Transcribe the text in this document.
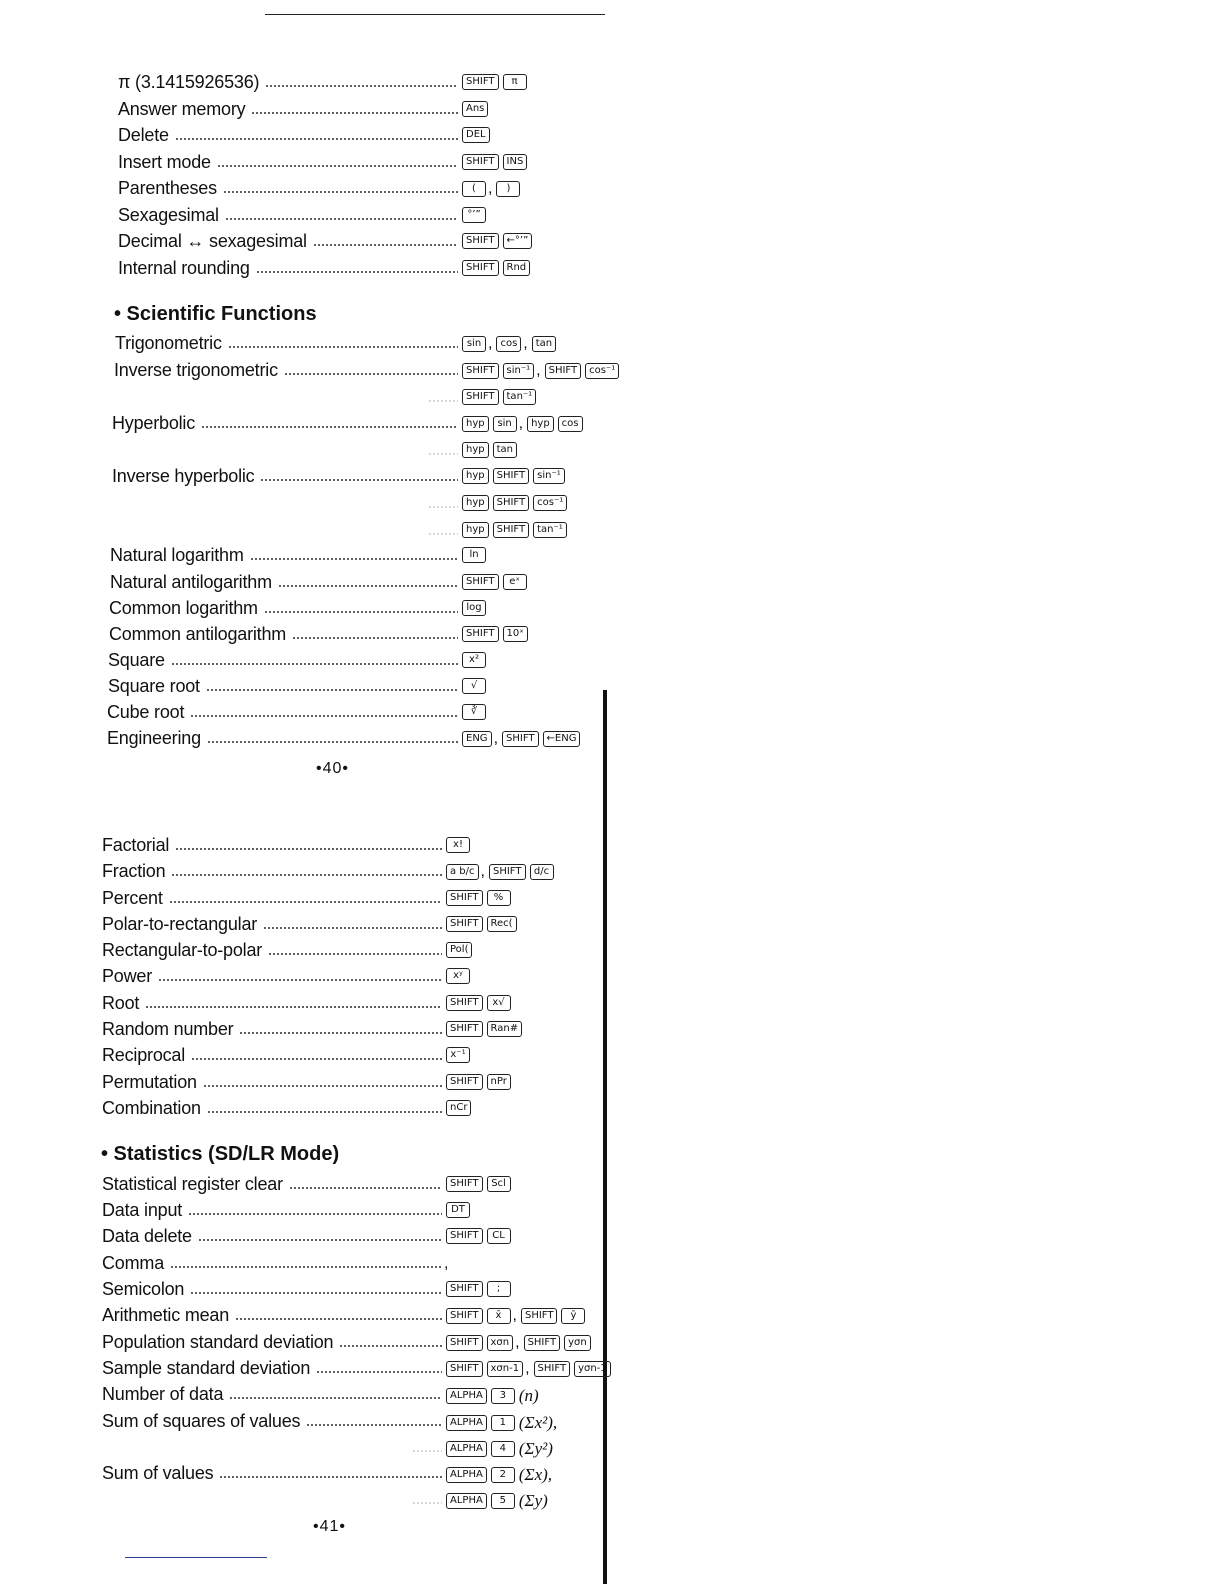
π (3.1415926536)	SHIFT	π
Answer memory	Ans
Delete	DEL
Insert mode	SHIFT	INS
Parentheses	( ,	)
Sexagesimal	°’”
Decimal ↔ sexagesimal	SHIFT	←°’”
Internal rounding	SHIFT	Rnd
• Scientific Functions
Trigonometric	sin , cos , tan
Inverse trigonometric	SHIFT	sin⁻¹ , SHIFT	cos⁻¹
SHIFT	tan⁻¹
Hyperbolic	hyp	sin , hyp	cos
hyp	tan
Inverse hyperbolic	hyp	SHIFT	sin⁻¹
hyp	SHIFT	cos⁻¹
hyp	SHIFT	tan⁻¹
Natural logarithm	ln
Natural antilogarithm	SHIFT	eˣ
Common logarithm	log
Common antilogarithm	SHIFT	10ˣ
Square	x²
Square root	√
Cube root	∛
Engineering	ENG , SHIFT	←ENG
•40•
Factorial	x!
Fraction	a b/c , SHIFT	d/c
Percent	SHIFT	%
Polar-to-rectangular	SHIFT	Rec(
Rectangular-to-polar	Pol(
Power	xʸ
Root	SHIFT	x√
Random number	SHIFT	Ran#
Reciprocal	x⁻¹
Permutation	SHIFT	nPr
Combination	nCr
• Statistics (SD/LR Mode)
Statistical register clear	SHIFT	Scl
Data input	DT
Data delete	SHIFT	CL
Comma	,
Semicolon	SHIFT	;
Arithmetic mean	SHIFT	x̄ , SHIFT	ȳ
Population standard deviation	SHIFT	xσn , SHIFT	yσn
Sample standard deviation	SHIFT	xσn-1 , SHIFT	yσn-1
Number of data	ALPHA	3 (n)
Sum of squares of values	ALPHA	1 (Σx²),
ALPHA	4 (Σy²)
Sum of values	ALPHA	2 (Σx),
ALPHA	5 (Σy)
•41•
